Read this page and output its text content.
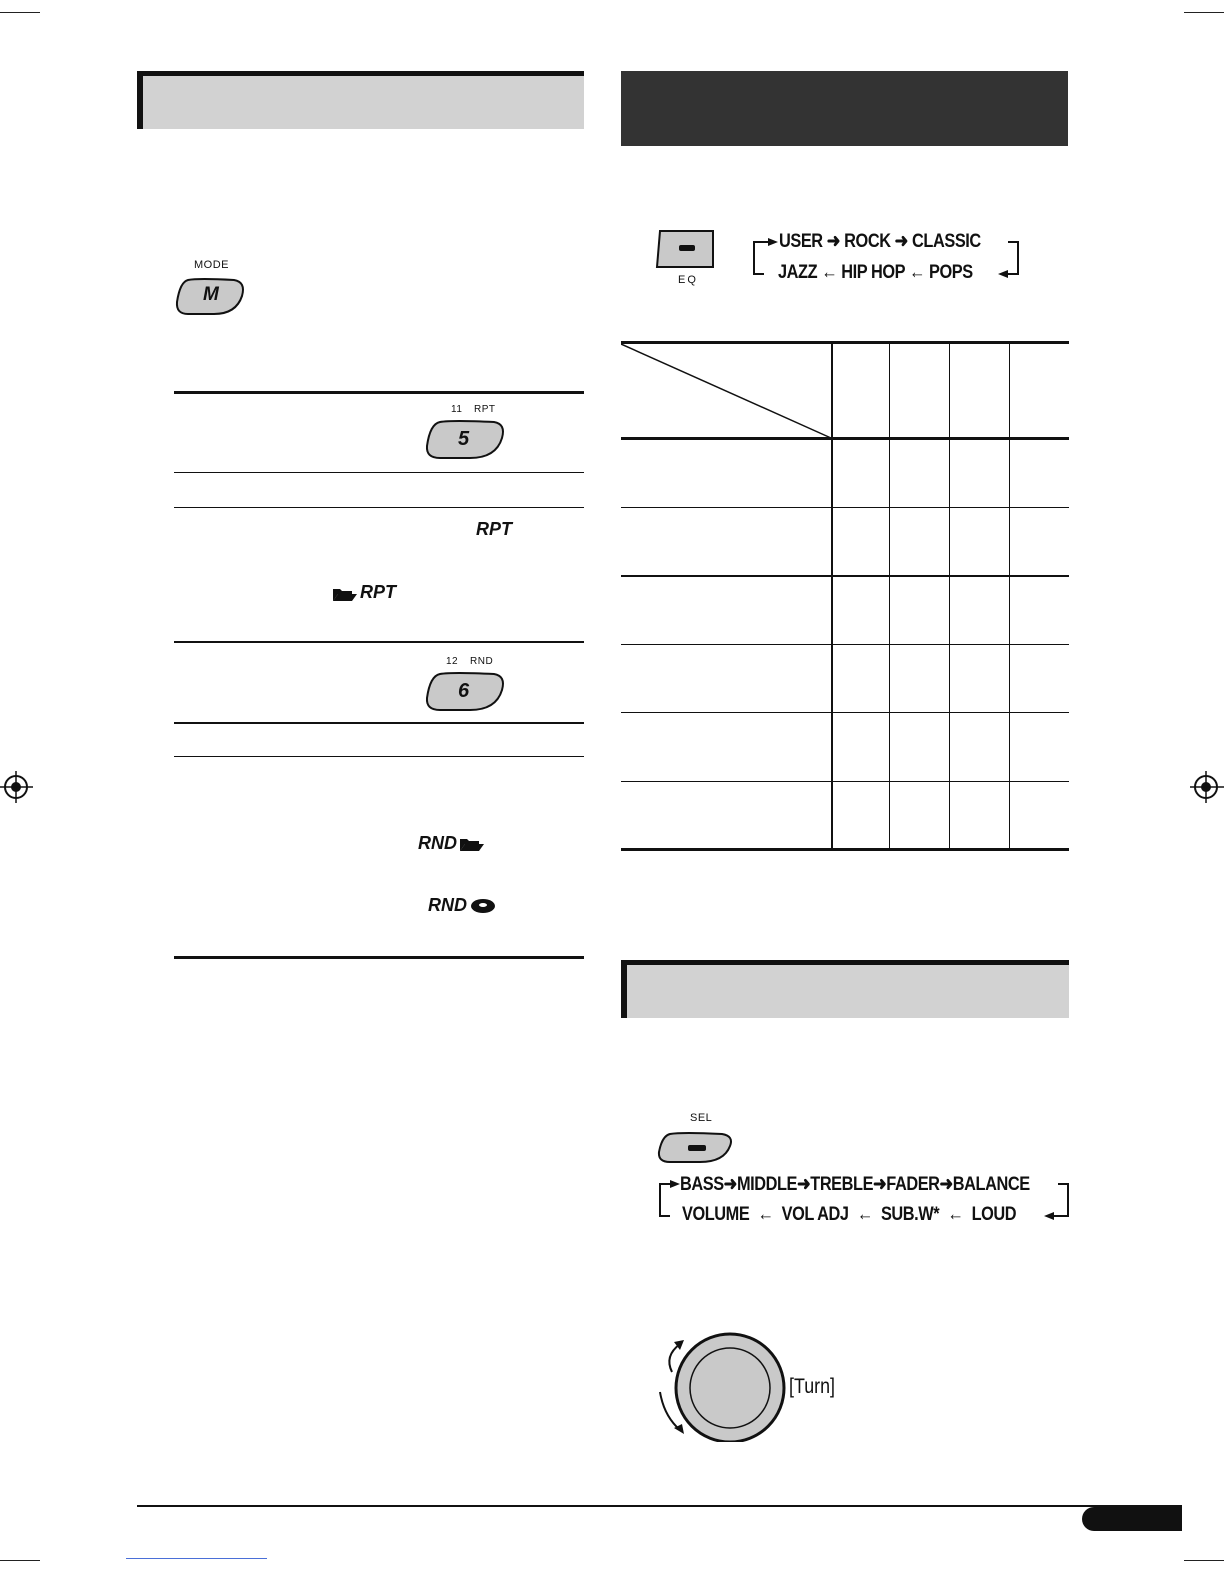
MODE
M
11 RPT
5
RPT
RPT
12 RND
6
RND
RND
EQ
USER ➜ ROCK ➜ CLASSIC
JAZZ ← HIP HOP ← POPS
SEL
BASS➜MIDDLE➜TREBLE➜FADER➜BALANCE
VOLUME ← VOL ADJ ← SUB.W* ← LOUD
[Turn]
